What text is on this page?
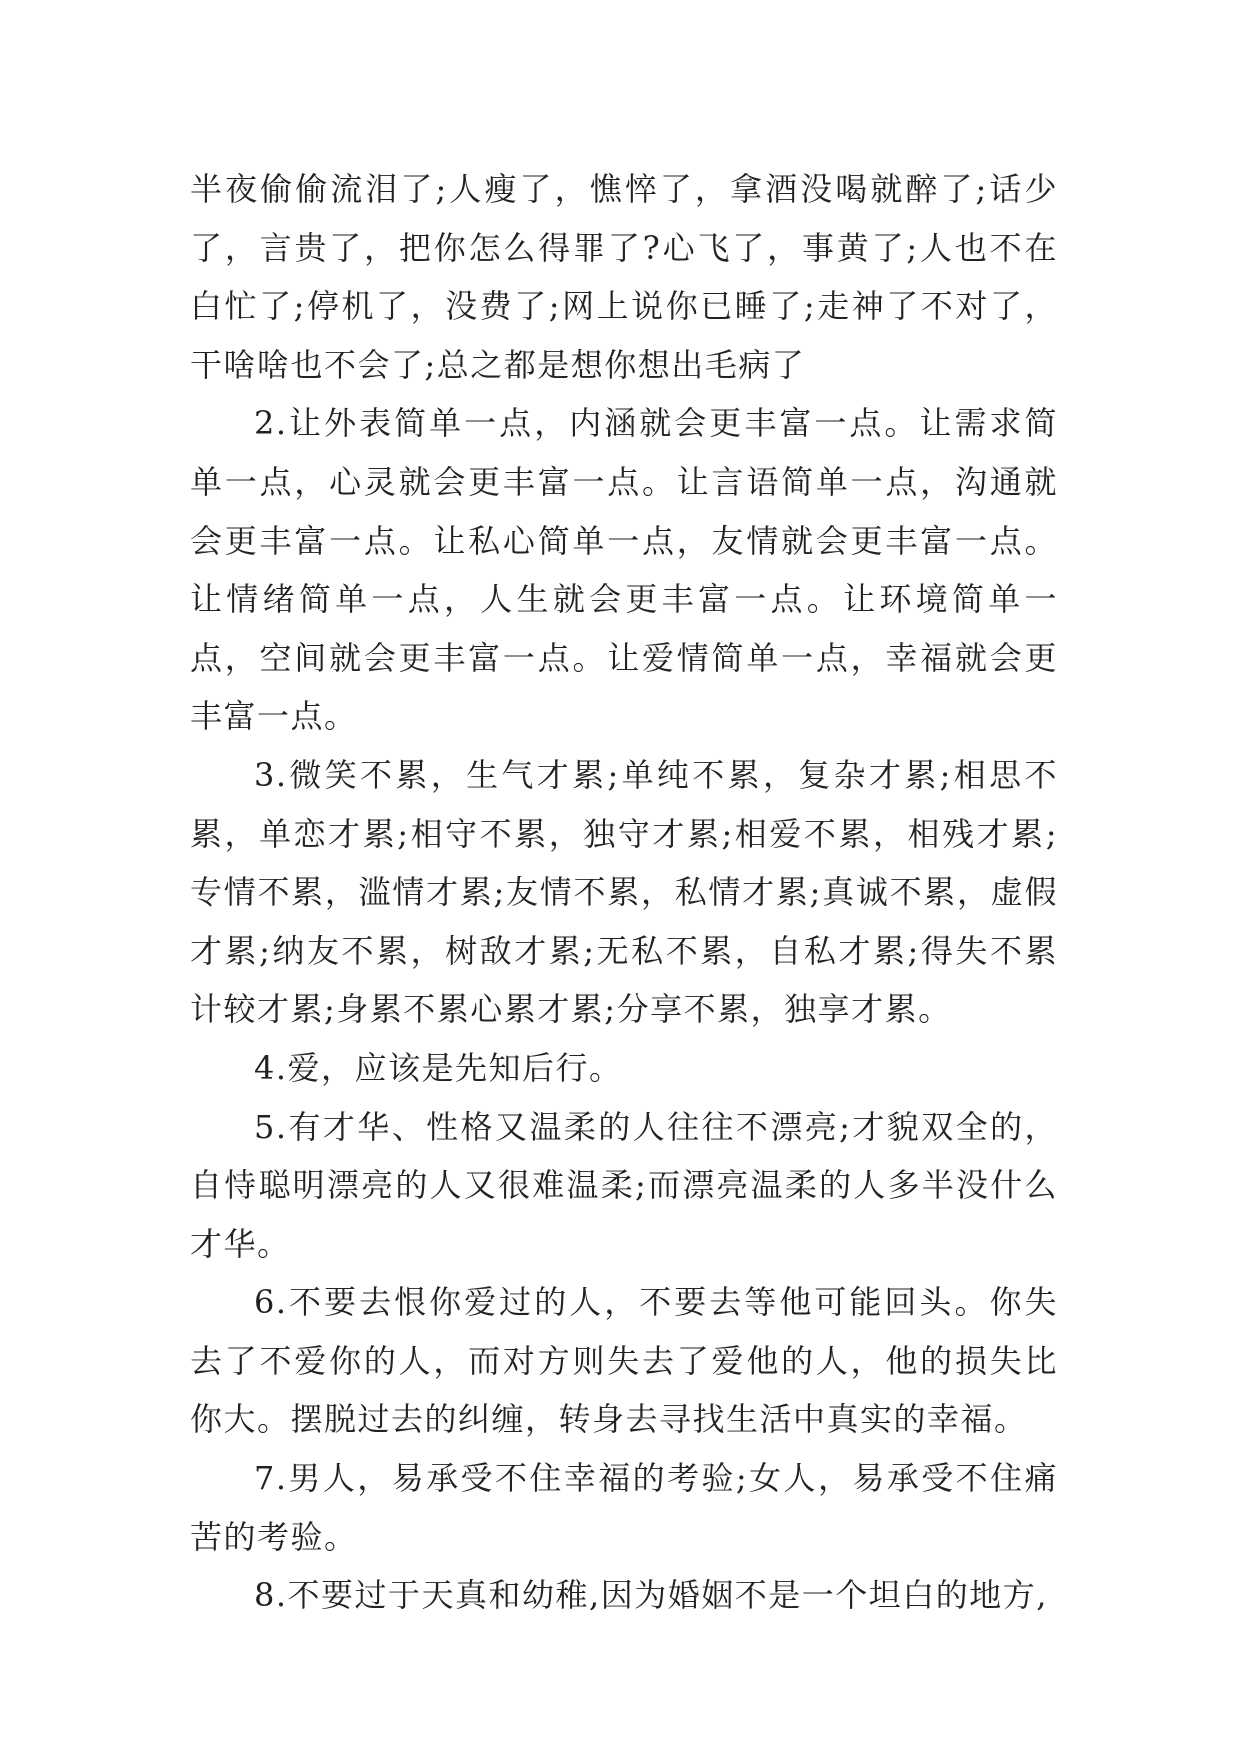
半夜偷偷流泪了;人瘦了，憔悴了，拿酒没喝就醉了;话少了，言贵了，把你怎么得罪了?心飞了，事黄了;人也不在白忙了;停机了，没费了;网上说你已睡了;走神了不对了，干啥啥也不会了;总之都是想你想出毛病了

2.让外表简单一点，内涵就会更丰富一点。让需求简单一点，心灵就会更丰富一点。让言语简单一点，沟通就会更丰富一点。让私心简单一点，友情就会更丰富一点。让情绪简单一点，人生就会更丰富一点。让环境简单一点，空间就会更丰富一点。让爱情简单一点，幸福就会更丰富一点。

3.微笑不累，生气才累;单纯不累，复杂才累;相思不累，单恋才累;相守不累，独守才累;相爱不累，相残才累;专情不累，滥情才累;友情不累，私情才累;真诚不累，虚假才累;纳友不累，树敌才累;无私不累，自私才累;得失不累计较才累;身累不累心累才累;分享不累，独享才累。

4.爱，应该是先知后行。

5.有才华、性格又温柔的人往往不漂亮;才貌双全的，自恃聪明漂亮的人又很难温柔;而漂亮温柔的人多半没什么才华。

6.不要去恨你爱过的人，不要去等他可能回头。你失去了不爱你的人，而对方则失去了爱他的人，他的损失比你大。摆脱过去的纠缠，转身去寻找生活中真实的幸福。

7.男人，易承受不住幸福的考验;女人，易承受不住痛苦的考验。

8.不要过于天真和幼稚,因为婚姻不是一个坦白的地方,
